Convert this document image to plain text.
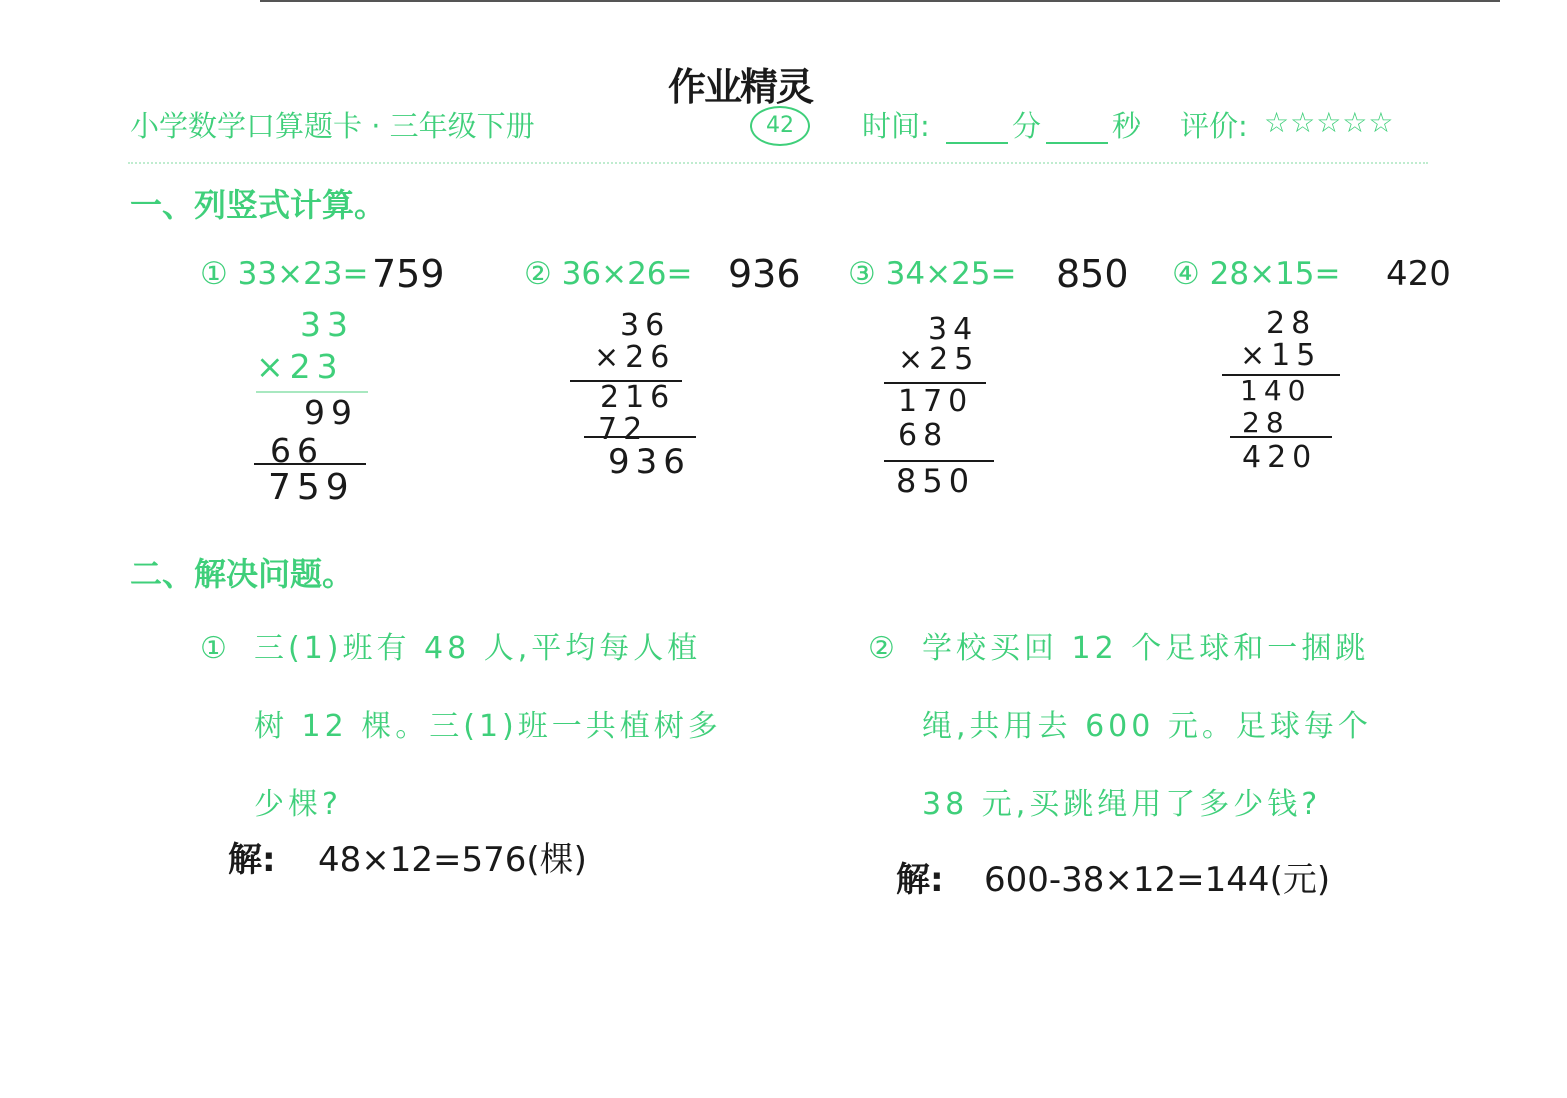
作业精灵
小学数学口算题卡 · 三年级下册	42	时间:	分 秒 评价: ☆☆☆☆☆
一、列竖式计算。
① 33×23= 759
33
×23
99
66
759
② 36×26= 936
36
×26
216
72
936
③ 34×25= 850
34
×25
170
68
850
④ 28×15= 420
28
×15
140
28
420
二、解决问题。
① 三(1)班有 48 人,平均每人植
树 12 棵。三(1)班一共植树多
少棵?
解: 48×12=576(棵)
② 学校买回 12 个足球和一捆跳
绳,共用去 600 元。足球每个
38 元,买跳绳用了多少钱?
解: 600-38×12=144(元)
